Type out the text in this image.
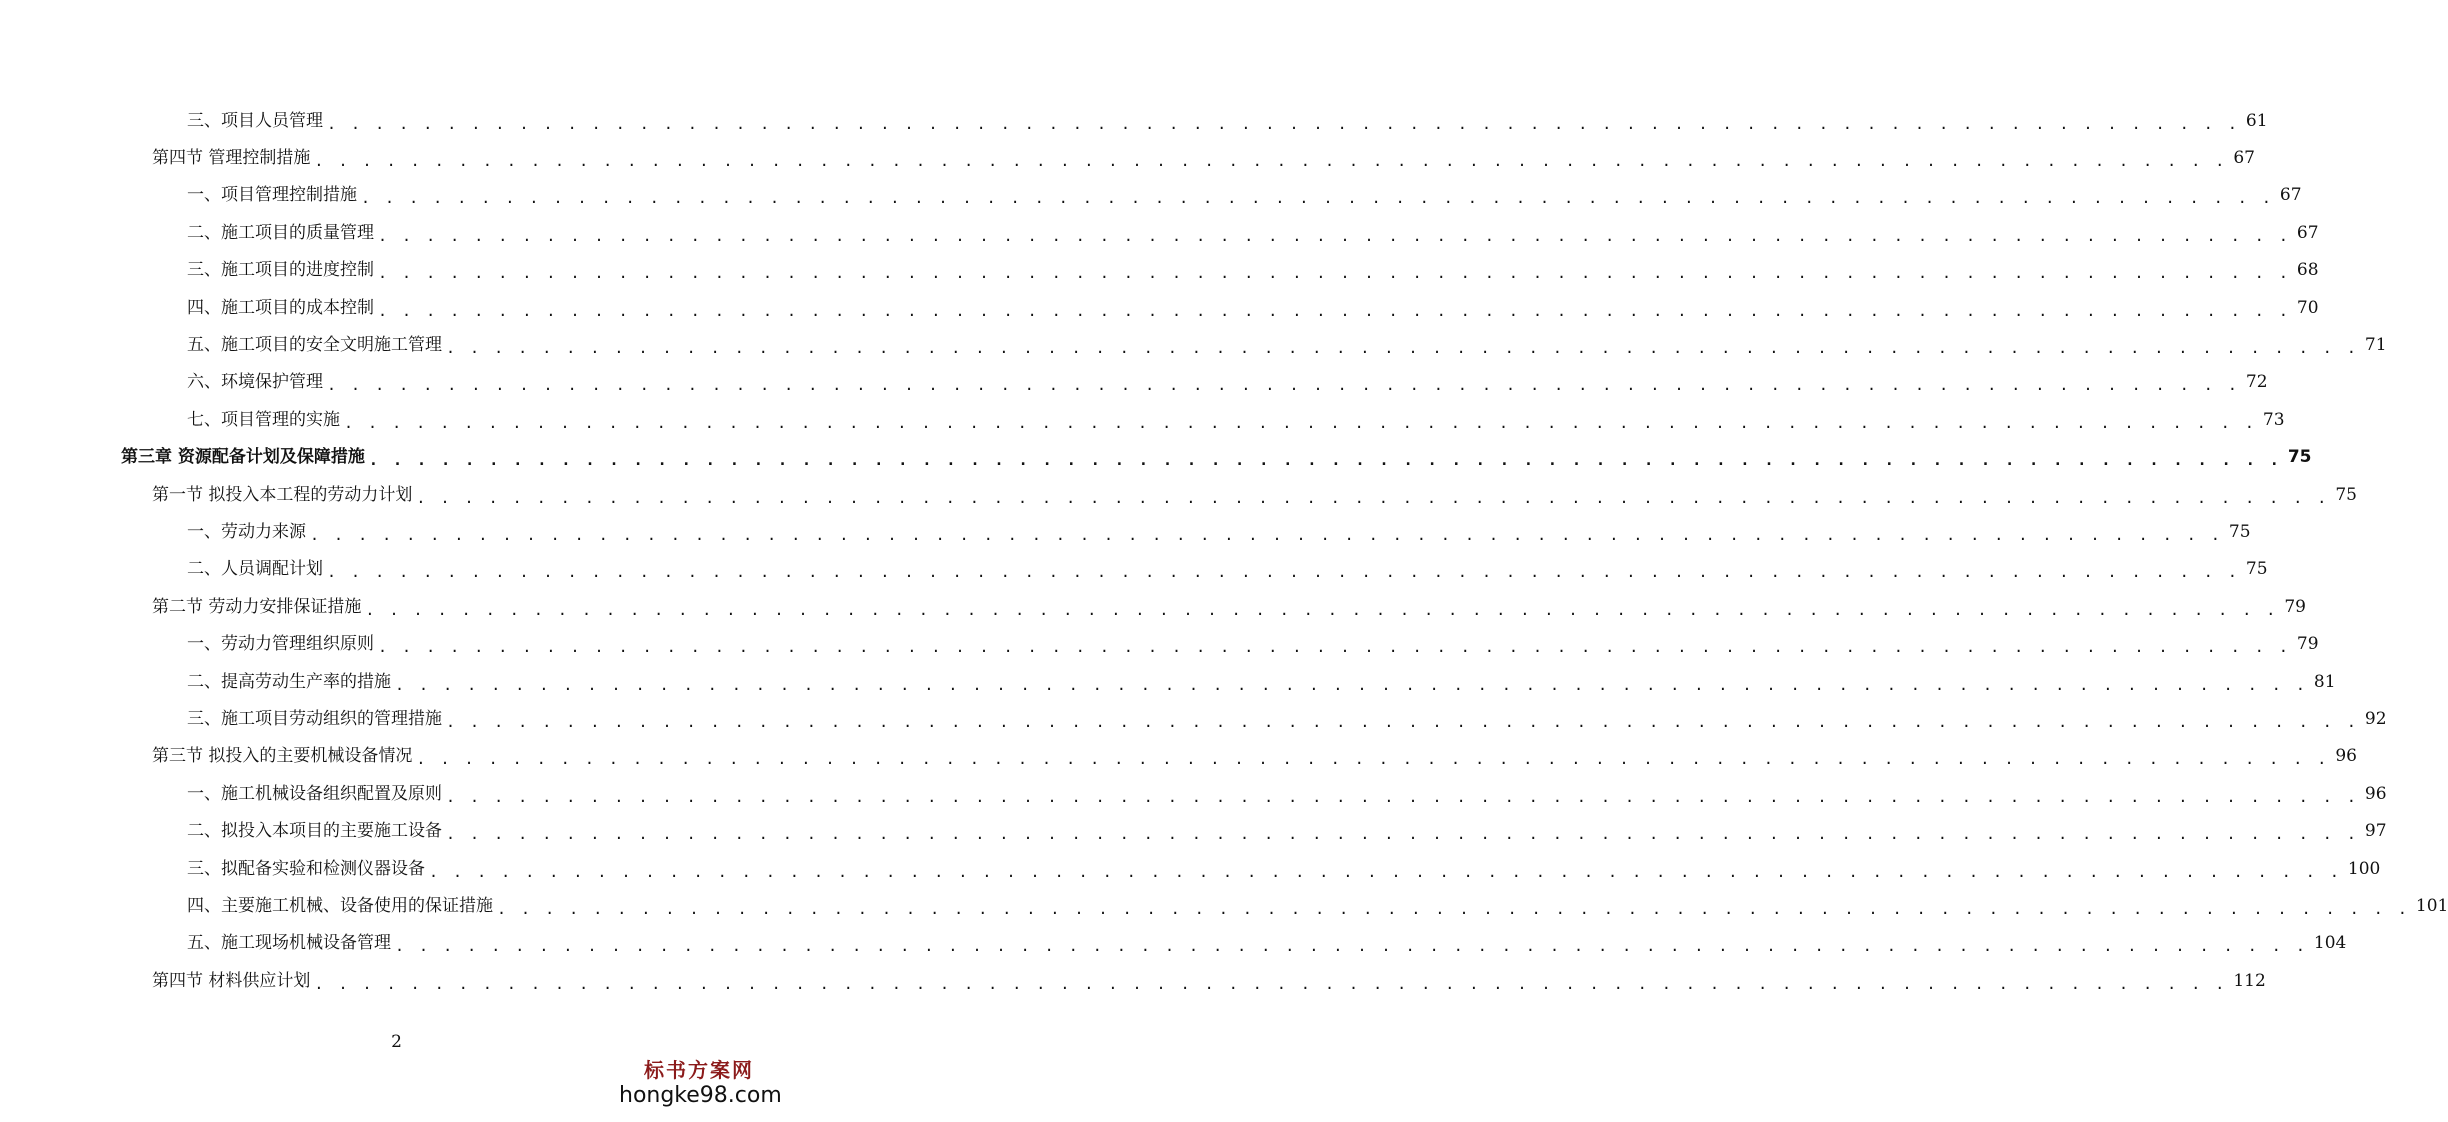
三、项目人员管理 . . . . . . . . . . . . . . . . . . . . . . . . . . . . . . . . . . . . . . . . . . . . . . . . . . . . . . . . . . . . . . . . . . . . . . . . . . . . . . . . 61
第四节 管理控制措施 . . . . . . . . . . . . . . . . . . . . . . . . . . . . . . . . . . . . . . . . . . . . . . . . . . . . . . . . . . . . . . . . . . . . . . . . . . . . . . . . 67
一、项目管理控制措施 . . . . . . . . . . . . . . . . . . . . . . . . . . . . . . . . . . . . . . . . . . . . . . . . . . . . . . . . . . . . . . . . . . . . . . . . . . . . . . . . 67
二、施工项目的质量管理 . . . . . . . . . . . . . . . . . . . . . . . . . . . . . . . . . . . . . . . . . . . . . . . . . . . . . . . . . . . . . . . . . . . . . . . . . . . . . . . . 67
三、施工项目的进度控制 . . . . . . . . . . . . . . . . . . . . . . . . . . . . . . . . . . . . . . . . . . . . . . . . . . . . . . . . . . . . . . . . . . . . . . . . . . . . . . . . 68
四、施工项目的成本控制 . . . . . . . . . . . . . . . . . . . . . . . . . . . . . . . . . . . . . . . . . . . . . . . . . . . . . . . . . . . . . . . . . . . . . . . . . . . . . . . . 70
五、施工项目的安全文明施工管理 . . . . . . . . . . . . . . . . . . . . . . . . . . . . . . . . . . . . . . . . . . . . . . . . . . . . . . . . . . . . . . . . . . . . . . . . . . . . . . . . 71
六、环境保护管理 . . . . . . . . . . . . . . . . . . . . . . . . . . . . . . . . . . . . . . . . . . . . . . . . . . . . . . . . . . . . . . . . . . . . . . . . . . . . . . . . 72
七、项目管理的实施 . . . . . . . . . . . . . . . . . . . . . . . . . . . . . . . . . . . . . . . . . . . . . . . . . . . . . . . . . . . . . . . . . . . . . . . . . . . . . . . . 73
第三章 资源配备计划及保障措施 . . . . . . . . . . . . . . . . . . . . . . . . . . . . . . . . . . . . . . . . . . . . . . . . . . . . . . . . . . . . . . . . . . . . . . . . . . . . . . . . 75
第一节 拟投入本工程的劳动力计划 . . . . . . . . . . . . . . . . . . . . . . . . . . . . . . . . . . . . . . . . . . . . . . . . . . . . . . . . . . . . . . . . . . . . . . . . . . . . . . . . 75
一、劳动力来源 . . . . . . . . . . . . . . . . . . . . . . . . . . . . . . . . . . . . . . . . . . . . . . . . . . . . . . . . . . . . . . . . . . . . . . . . . . . . . . . . 75
二、人员调配计划 . . . . . . . . . . . . . . . . . . . . . . . . . . . . . . . . . . . . . . . . . . . . . . . . . . . . . . . . . . . . . . . . . . . . . . . . . . . . . . . . 75
第二节 劳动力安排保证措施 . . . . . . . . . . . . . . . . . . . . . . . . . . . . . . . . . . . . . . . . . . . . . . . . . . . . . . . . . . . . . . . . . . . . . . . . . . . . . . . . 79
一、劳动力管理组织原则 . . . . . . . . . . . . . . . . . . . . . . . . . . . . . . . . . . . . . . . . . . . . . . . . . . . . . . . . . . . . . . . . . . . . . . . . . . . . . . . . 79
二、提高劳动生产率的措施 . . . . . . . . . . . . . . . . . . . . . . . . . . . . . . . . . . . . . . . . . . . . . . . . . . . . . . . . . . . . . . . . . . . . . . . . . . . . . . . . 81
三、施工项目劳动组织的管理措施 . . . . . . . . . . . . . . . . . . . . . . . . . . . . . . . . . . . . . . . . . . . . . . . . . . . . . . . . . . . . . . . . . . . . . . . . . . . . . . . . 92
第三节 拟投入的主要机械设备情况 . . . . . . . . . . . . . . . . . . . . . . . . . . . . . . . . . . . . . . . . . . . . . . . . . . . . . . . . . . . . . . . . . . . . . . . . . . . . . . . . 96
一、施工机械设备组织配置及原则 . . . . . . . . . . . . . . . . . . . . . . . . . . . . . . . . . . . . . . . . . . . . . . . . . . . . . . . . . . . . . . . . . . . . . . . . . . . . . . . . 96
二、拟投入本项目的主要施工设备 . . . . . . . . . . . . . . . . . . . . . . . . . . . . . . . . . . . . . . . . . . . . . . . . . . . . . . . . . . . . . . . . . . . . . . . . . . . . . . . . 97
三、拟配备实验和检测仪器设备 . . . . . . . . . . . . . . . . . . . . . . . . . . . . . . . . . . . . . . . . . . . . . . . . . . . . . . . . . . . . . . . . . . . . . . . . . . . . . . . . 100
四、主要施工机械、设备使用的保证措施 . . . . . . . . . . . . . . . . . . . . . . . . . . . . . . . . . . . . . . . . . . . . . . . . . . . . . . . . . . . . . . . . . . . . . . . . . . . . . . . . 101
五、施工现场机械设备管理 . . . . . . . . . . . . . . . . . . . . . . . . . . . . . . . . . . . . . . . . . . . . . . . . . . . . . . . . . . . . . . . . . . . . . . . . . . . . . . . . 104
第四节 材料供应计划 . . . . . . . . . . . . . . . . . . . . . . . . . . . . . . . . . . . . . . . . . . . . . . . . . . . . . . . . . . . . . . . . . . . . . . . . . . . . . . . . 112
2
标书方案网
hongke98.com
